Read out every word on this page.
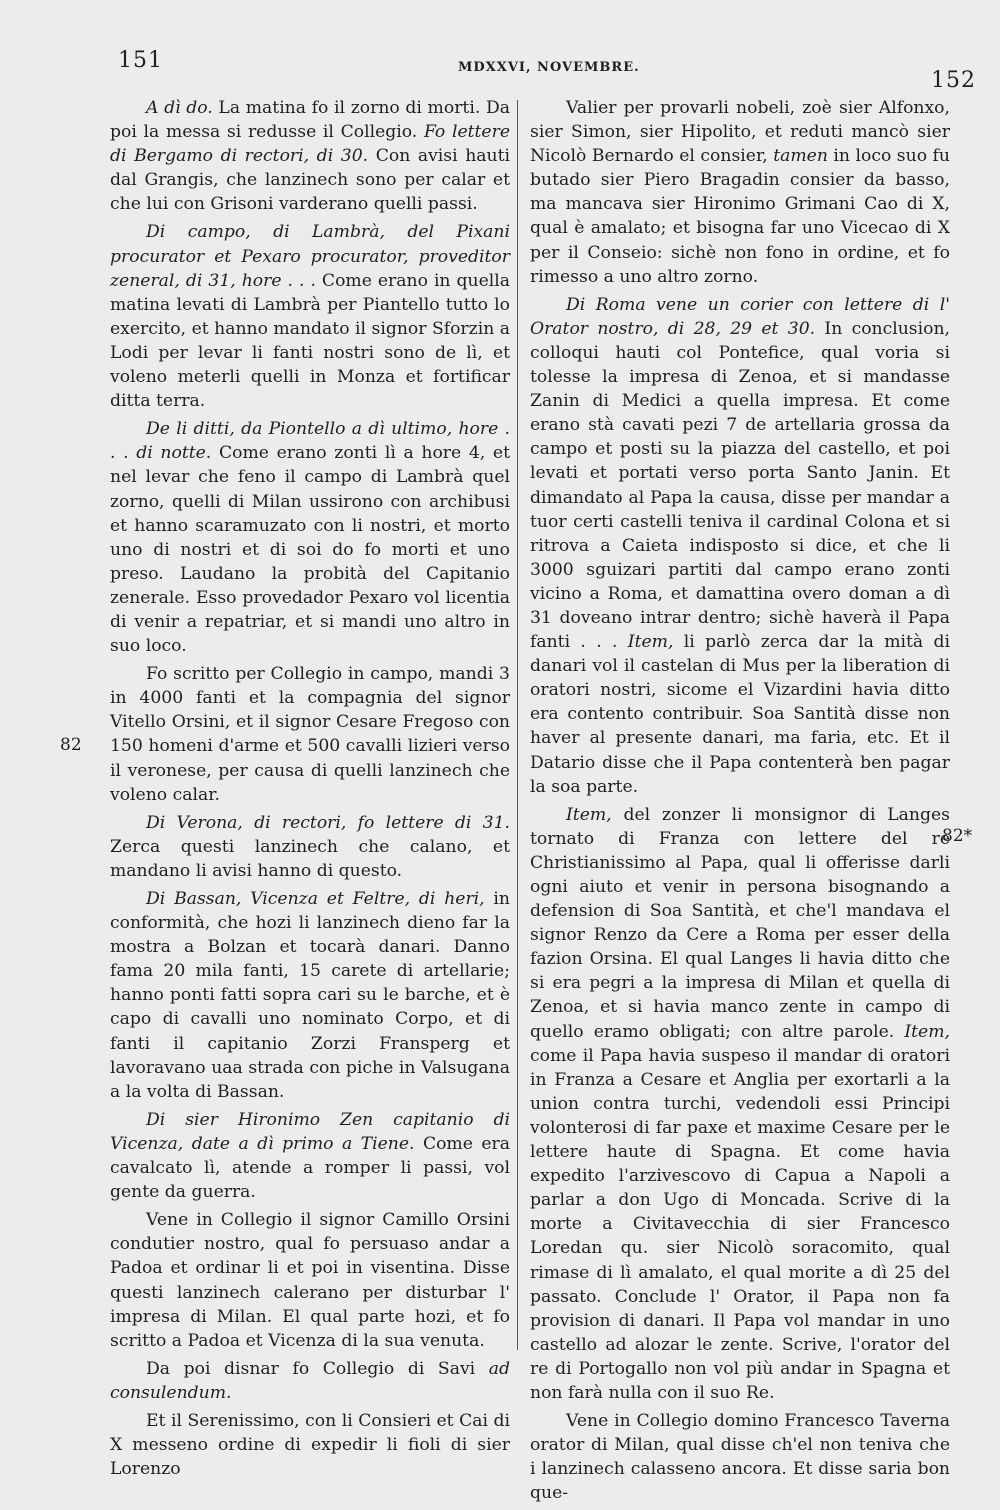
151	MDXXVI, NOVEMBRE.
152
82
82*

A dì do. La matina fo il zorno di morti. Da poi la messa si redusse il Collegio. Fo lettere di Bergamo di rectori, di 30. Con avisi hauti dal Grangis, che lanzinech sono per calar et che lui con Grisoni varderano quelli passi.

Di campo, di Lambrà, del Pixani procurator et Pexaro procurator, proveditor zeneral, di 31, hore . . . Come erano in quella matina levati di Lambrà per Piantello tutto lo exercito, et hanno mandato il signor Sforzin a Lodi per levar li fanti nostri sono de lì, et voleno meterli quelli in Monza et fortificar ditta terra.

De li ditti, da Piontello a dì ultimo, hore . . . di notte. Come erano zonti lì a hore 4, et nel levar che feno il campo di Lambrà quel zorno, quelli di Milan ussirono con archibusi et hanno scaramuzato con li nostri, et morto uno di nostri et di soi do fo morti et uno preso. Laudano la probità del Capitanio zenerale. Esso provedador Pexaro vol licentia di venir a repatriar, et si mandi uno altro in suo loco.

Fo scritto per Collegio in campo, mandi 3 in 4000 fanti et la compagnia del signor Vitello Orsini, et il signor Cesare Fregoso con 150 homeni d'arme et 500 cavalli lizieri verso il veronese, per causa di quelli lanzinech che voleno calar.

Di Verona, di rectori, fo lettere di 31. Zerca questi lanzinech che calano, et mandano li avisi hanno di questo.

Di Bassan, Vicenza et Feltre, di heri, in conformità, che hozi li lanzinech dieno far la mostra a Bolzan et tocarà danari. Danno fama 20 mila fanti, 15 carete di artellarie; hanno ponti fatti sopra cari su le barche, et è capo di cavalli uno nominato Corpo, et di fanti il capitanio Zorzi Fransperg et lavoravano uaa strada con piche in Valsugana a la volta di Bassan.

Di sier Hironimo Zen capitanio di Vicenza, date a dì primo a Tiene. Come era cavalcato lì, atende a romper li passi, vol gente da guerra.

Vene in Collegio il signor Camillo Orsini condutier nostro, qual fo persuaso andar a Padoa et ordinar li et poi in visentina. Disse questi lanzinech calerano per disturbar l' impresa di Milan. El qual parte hozi, et fo scritto a Padoa et Vicenza di la sua venuta.

Da poi disnar fo Collegio di Savi ad consulendum.

Et il Serenissimo, con li Consieri et Cai di X messeno ordine di expedir li fioli di sier Lorenzo

Valier per provarli nobeli, zoè sier Alfonxo, sier Simon, sier Hipolito, et reduti mancò sier Nicolò Bernardo el consier, tamen in loco suo fu butado sier Piero Bragadin consier da basso, ma mancava sier Hironimo Grimani Cao di X, qual è amalato; et bisogna far uno Vicecao di X per il Conseio: sichè non fono in ordine, et fo rimesso a uno altro zorno.

Di Roma vene un corier con lettere di l' Orator nostro, di 28, 29 et 30. In conclusion, colloqui hauti col Pontefice, qual voria si tolesse la impresa di Zenoa, et si mandasse Zanin di Medici a quella impresa. Et come erano stà cavati pezi 7 de artellaria grossa da campo et posti su la piazza del castello, et poi levati et portati verso porta Santo Janin. Et dimandato al Papa la causa, disse per mandar a tuor certi castelli teniva il cardinal Colona et si ritrova a Caieta indisposto si dice, et che li 3000 sguizari partiti dal campo erano zonti vicino a Roma, et damattina overo doman a dì 31 doveano intrar dentro; sichè haverà il Papa fanti . . . Item, li parlò zerca dar la mità di danari vol il castelan di Mus per la liberation di oratori nostri, sicome el Vizardini havia ditto era contento contribuir. Soa Santità disse non haver al presente danari, ma faria, etc. Et il Datario disse che il Papa contenterà ben pagar la soa parte.

Item, del zonzer li monsignor di Langes tornato di Franza con lettere del re Christianissimo al Papa, qual li offerisse darli ogni aiuto et venir in persona bisognando a defension di Soa Santità, et che'l mandava el signor Renzo da Cere a Roma per esser della fazion Orsina. El qual Langes li havia ditto che si era pegri a la impresa di Milan et quella di Zenoa, et si havia manco zente in campo di quello eramo obligati; con altre parole. Item, come il Papa havia suspeso il mandar di oratori in Franza a Cesare et Anglia per exortarli a la union contra turchi, vedendoli essi Principi volonterosi di far paxe et maxime Cesare per le lettere haute di Spagna. Et come havia expedito l'arzivescovo di Capua a Napoli a parlar a don Ugo di Moncada. Scrive di la morte a Civitavecchia di sier Francesco Loredan qu. sier Nicolò soracomito, qual rimase di lì amalato, el qual morite a dì 25 del passato. Conclude l' Orator, il Papa non fa provision di danari. Il Papa vol mandar in uno castello ad alozar le zente. Scrive, l'orator del re di Portogallo non vol più andar in Spagna et non farà nulla con il suo Re.

Vene in Collegio domino Francesco Taverna orator di Milan, qual disse ch'el non teniva che i lanzinech calasseno ancora. Et disse saria bon que-
